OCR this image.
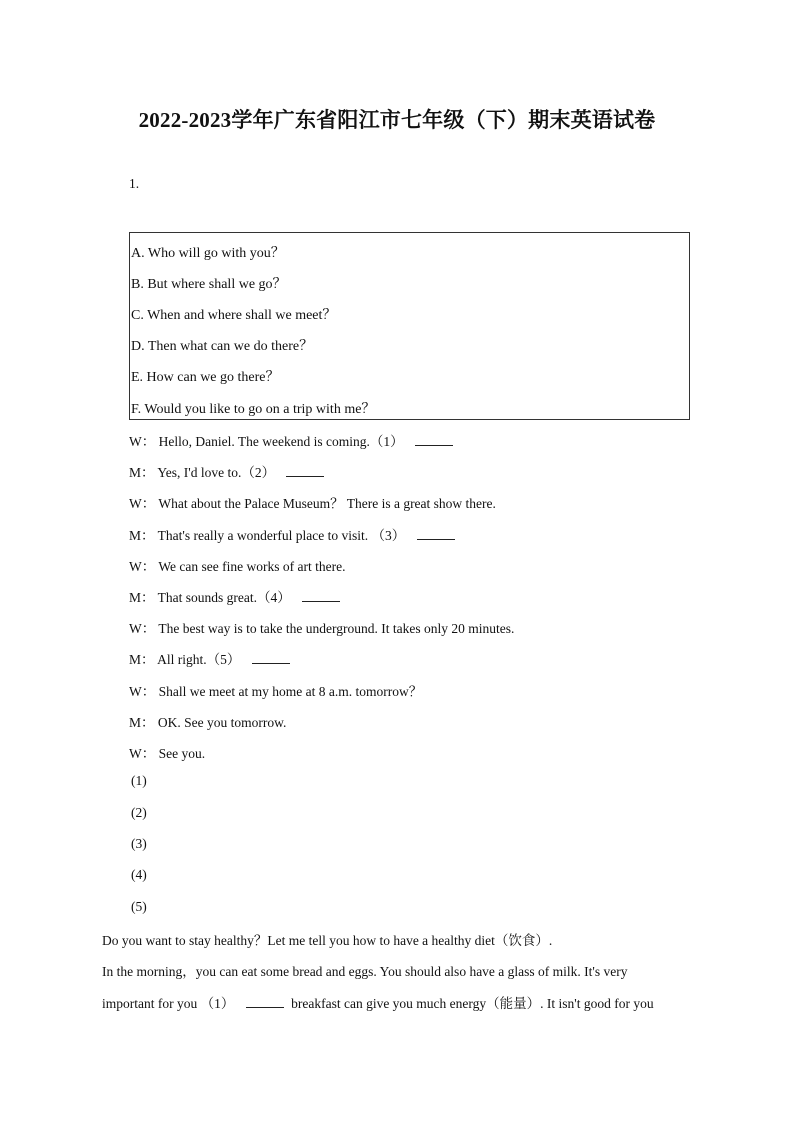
2022-2023学年广东省阳江市七年级（下）期末英语试卷
1.
A. Who will go with you？
B. But where shall we go？
C. When and where shall we meet？
D. Then what can we do there？
E. How can we go there？
F. Would you like to go on a trip with me？
W： Hello, Daniel. The weekend is coming.（1）
M： Yes, I'd love to.（2）
W： What about the Palace Museum？ There is a great show there.
M： That's really a wonderful place to visit. （3）
W： We can see fine works of art there.
M： That sounds great.（4）
W： The best way is to take the underground. It takes only 20 minutes.
M： All right.（5）
W： Shall we meet at my home at 8 a.m. tomorrow？
M： OK. See you tomorrow.
W： See you.
(1)
(2)
(3)
(4)
(5)
Do you want to stay healthy？Let me tell you how to have a healthy diet（饮食）.
In the morning，you can eat some bread and eggs. You should also have a glass of milk. It's very
important for you （1）	breakfast can give you much energy（能量）. It isn't good for you
